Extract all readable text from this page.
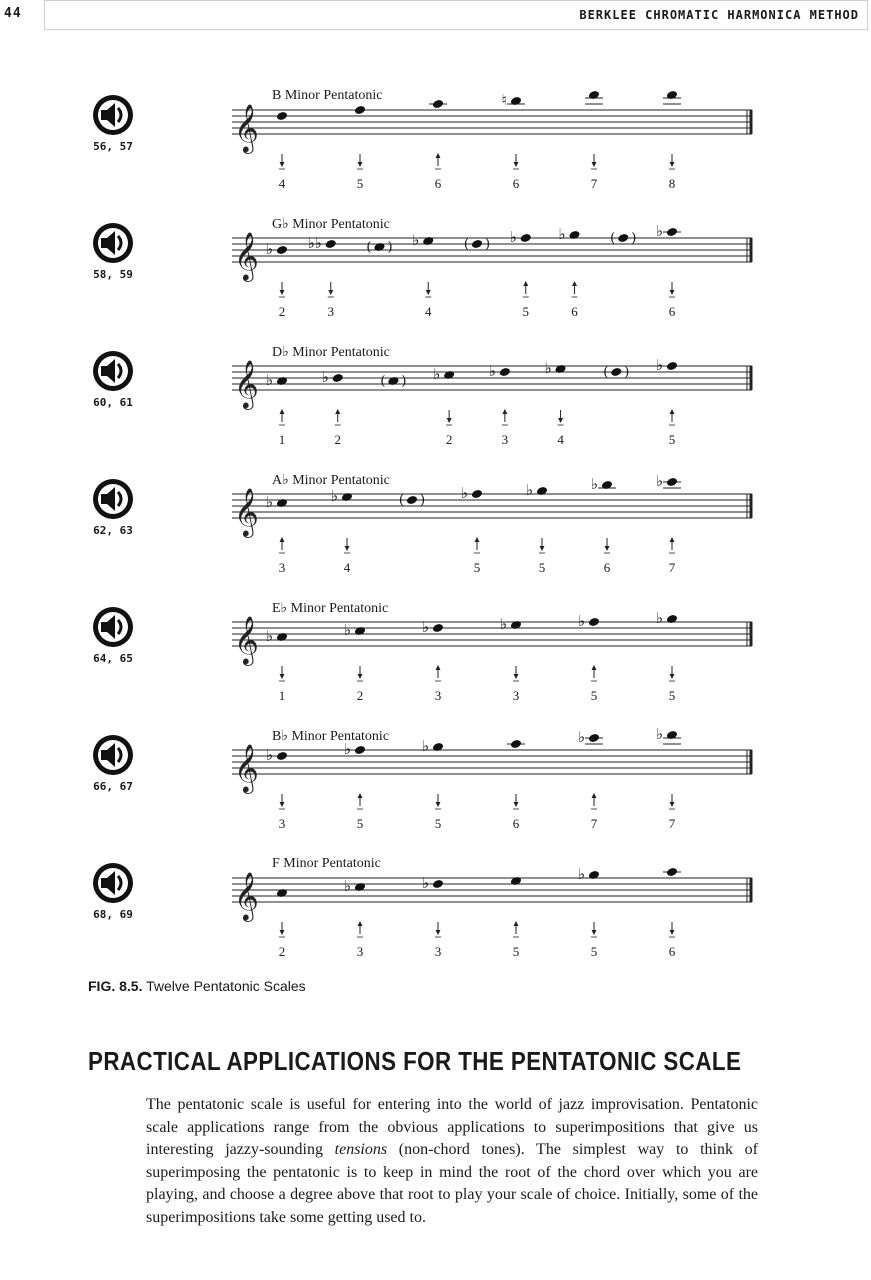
44	BERKLEE CHROMATIC HARMONICA METHOD
56, 57
B Minor Pentatonic
𝄞
♮
4	5	6	6	7	8
58, 59
G♭ Minor Pentatonic
𝄞 ♭ ♭♭	( ) ♭	( ) ♭	♭	( ) ♭
2	3	4	5	6	6
60, 61
D♭ Minor Pentatonic
𝄞 ♭	♭	( ) ♭	♭	♭	( ) ♭
1	2	2	3	4	5
62, 63
A♭ Minor Pentatonic
𝄞 ♭	♭	( ) ♭	♭	♭	♭
3	4	5	5	6	7
64, 65
E♭ Minor Pentatonic
𝄞 ♭	♭	♭	♭	♭	♭
1	2	3	3	5	5
66, 67
B♭ Minor Pentatonic
𝄞 ♭	♭	♭	♭	♭
3	5	5	6	7	7
68, 69
F Minor Pentatonic
𝄞	♭	♭	♭
2	3	3	5	5	6
FIG. 8.5. Twelve Pentatonic Scales
PRACTICAL APPLICATIONS FOR THE PENTATONIC SCALE
The pentatonic scale is useful for entering into the world of jazz improvisation. Pentatonic scale applications range from the obvious applications to superimpositions that give us interesting jazzy-sounding tensions (non-chord tones). The simplest way to think of superimposing the pentatonic is to keep in mind the root of the chord over which you are playing, and choose a degree above that root to play your scale of choice. Initially, some of the superimpositions take some getting used to.
